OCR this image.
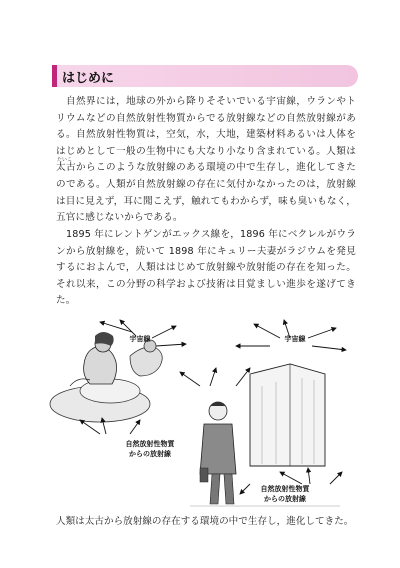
はじめに
自然界には，地球の外から降りそそいでいる宇宙線，ウランやトリウムなどの自然放射性物質からでる放射線などの自然放射線がある。自然放射性物質は，空気，水，大地，建築材料あるいは人体をはじめとして一般の生物中にも大なり小なり含まれている。人類は太古からこのような放射線のある環境の中で生存し，進化してきたのである。人類が自然放射線の存在に気付かなかったのは，放射線は目に見えず，耳に聞こえず，触れてもわからず，味も臭いもなく，五官に感じないからである。
たいこ
1895 年にレントゲンがエックス線を，1896 年にベクレルがウランから放射線を，続いて 1898 年にキュリー夫妻がラジウムを発見するにおよんで，人類ははじめて放射線や放射能の存在を知った。それ以来，この分野の科学および技術は目覚ましい進歩を遂げてきた。
宇宙線	宇宙線
自然放射性物質
からの放射線
自然放射性物質
からの放射線
人類は太古から放射線の存在する環境の中で生存し，進化してきた。
